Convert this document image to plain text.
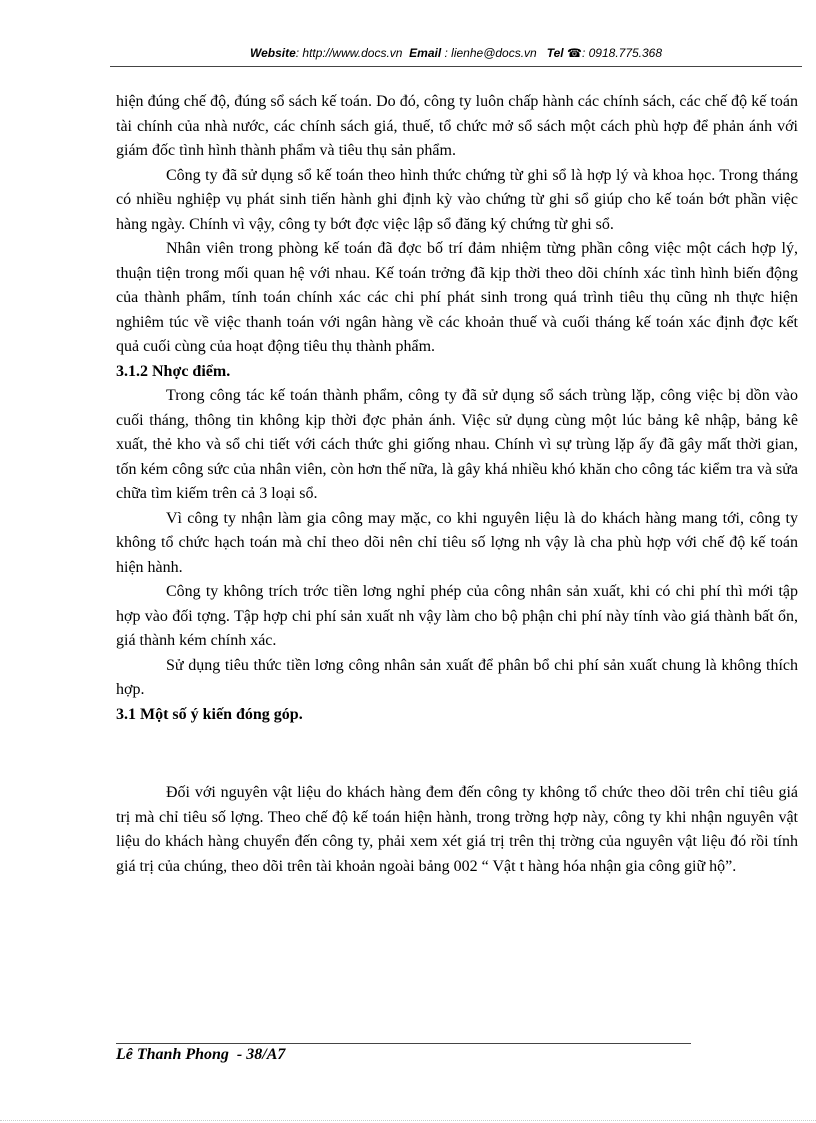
Website: http://www.docs.vn Email : lienhe@docs.vn Tel ☎: 0918.775.368

hiện đúng chế độ, đúng sổ sách kế toán. Do đó, công ty luôn chấp hành các chính sách, các chế độ kế toán tài chính của nhà nước, các chính sách giá, thuế, tổ chức mở sổ sách một cách phù hợp để phản ánh với giám đốc tình hình thành phẩm và tiêu thụ sản phẩm.

Công ty đã sử dụng sổ kế toán theo hình thức chứng từ ghi sổ là hợp lý và khoa học. Trong tháng có nhiều nghiệp vụ phát sinh tiến hành ghi định kỳ vào chứng từ ghi sổ giúp cho kế toán bớt phần việc hàng ngày. Chính vì vậy, công ty bớt đợc việc lập sổ đăng ký chứng từ ghi sổ.

Nhân viên trong phòng kế toán đã đợc bố trí đảm nhiệm từng phần công việc một cách hợp lý, thuận tiện trong mối quan hệ với nhau. Kế toán trởng đã kịp thời theo dõi chính xác tình hình biến động của thành phẩm, tính toán chính xác các chi phí phát sinh trong quá trình tiêu thụ cũng nh thực hiện nghiêm túc về việc thanh toán với ngân hàng về các khoản thuế và cuối tháng kế toán xác định đợc kết quả cuối cùng của hoạt động tiêu thụ thành phẩm.

3.1.2 Nhợc điểm.

Trong công tác kế toán thành phẩm, công ty đã sử dụng sổ sách trùng lặp, công việc bị dồn vào cuối tháng, thông tin không kịp thời đợc phản ánh. Việc sử dụng cùng một lúc bảng kê nhập, bảng kê xuất, thẻ kho và sổ chi tiết với cách thức ghi giống nhau. Chính vì sự trùng lặp ấy đã gây mất thời gian, tốn kém công sức của nhân viên, còn hơn thế nữa, là gây khá nhiều khó khăn cho công tác kiểm tra và sửa chữa tìm kiếm trên cả 3 loại sổ.

Vì công ty nhận làm gia công may mặc, co khi nguyên liệu là do khách hàng mang tới, công ty không tổ chức hạch toán mà chỉ theo dõi nên chỉ tiêu số lợng nh vậy là cha phù hợp với chế độ kế toán hiện hành.

Công ty không trích trớc tiền lơng nghỉ phép của công nhân sản xuất, khi có chi phí thì mới tập hợp vào đối tợng. Tập hợp chi phí sản xuất nh vậy làm cho bộ phận chi phí này tính vào giá thành bất ổn, giá thành kém chính xác.

Sử dụng tiêu thức tiền lơng công nhân sản xuất để phân bổ chi phí sản xuất chung là không thích hợp.

3.1 Một số ý kiến đóng góp.

Đối với nguyên vật liệu do khách hàng đem đến công ty không tổ chức theo dõi trên chỉ tiêu giá trị mà chỉ tiêu số lợng. Theo chế độ kế toán hiện hành, trong trờng hợp này, công ty khi nhận nguyên vật liệu do khách hàng chuyển đến công ty, phải xem xét giá trị trên thị trờng của nguyên vật liệu đó rồi tính giá trị của chúng, theo dõi trên tài khoản ngoài bảng 002 “ Vật t hàng hóa nhận gia công giữ hộ”.

Lê Thanh Phong  - 38/A7
